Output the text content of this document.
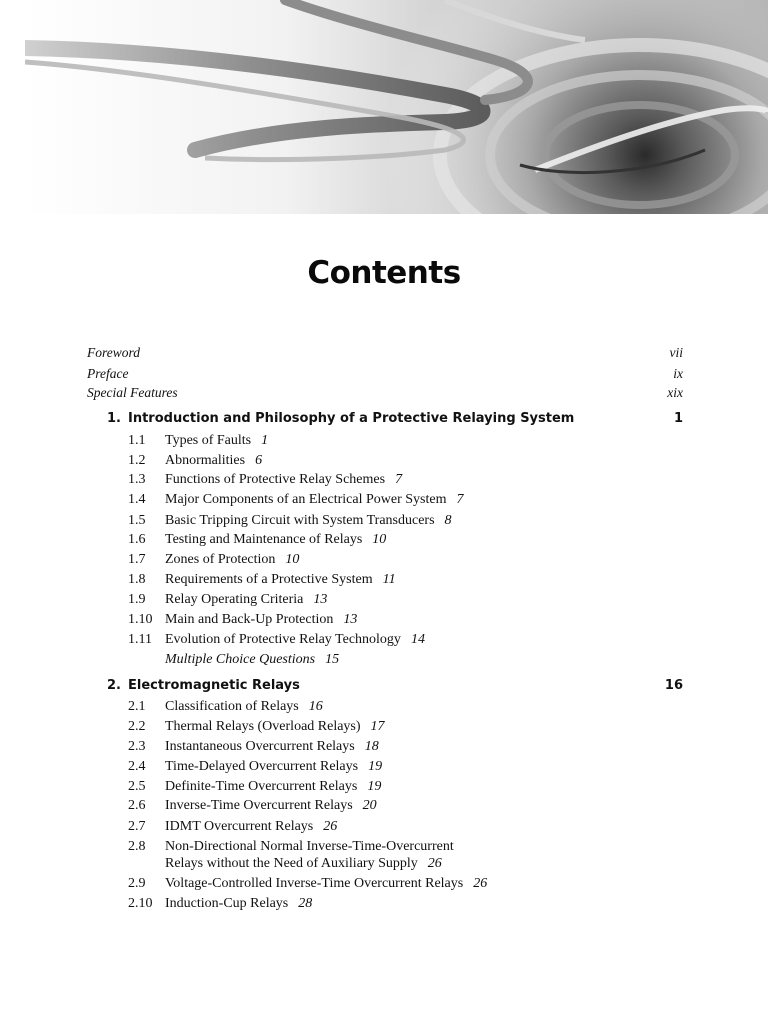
Contents
Foreword	vii
Preface	ix
Special Features	xix
1. Introduction and Philosophy of a Protective Relaying System	1
1.1 Types of Faults 1
1.2 Abnormalities 6
1.3 Functions of Protective Relay Schemes 7
1.4 Major Components of an Electrical Power System 7
1.5 Basic Tripping Circuit with System Transducers 8
1.6 Testing and Maintenance of Relays 10
1.7 Zones of Protection 10
1.8 Requirements of a Protective System 11
1.9 Relay Operating Criteria 13
1.10 Main and Back-Up Protection 13
1.11 Evolution of Protective Relay Technology 14
Multiple Choice Questions 15
2. Electromagnetic Relays	16
2.1 Classification of Relays 16
2.2 Thermal Relays (Overload Relays) 17
2.3 Instantaneous Overcurrent Relays 18
2.4 Time-Delayed Overcurrent Relays 19
2.5 Definite-Time Overcurrent Relays 19
2.6 Inverse-Time Overcurrent Relays 20
2.7 IDMT Overcurrent Relays 26
2.8 Non-Directional Normal Inverse-Time-Overcurrent
Relays without the Need of Auxiliary Supply 26
2.9 Voltage-Controlled Inverse-Time Overcurrent Relays 26
2.10 Induction-Cup Relays 28
